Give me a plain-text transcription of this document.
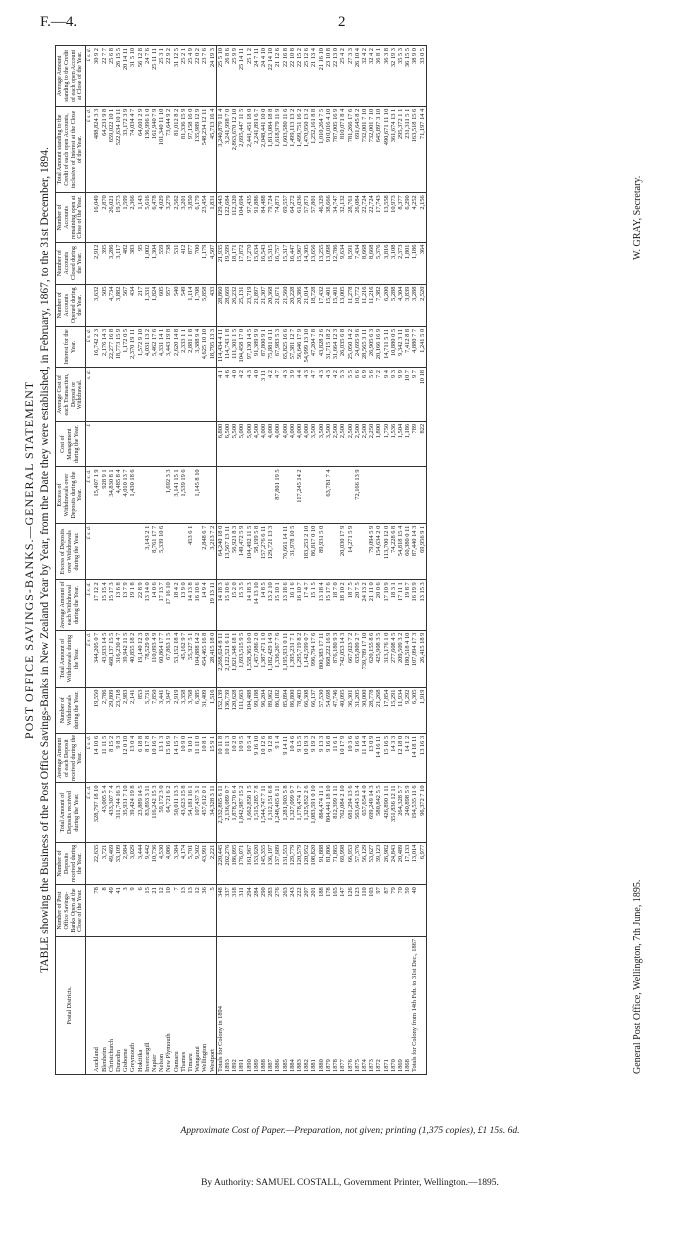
F.—4.	2
POST OFFICE SAVINGS-BANKS.—GENERAL STATEMENT TABLE showing the Business of the Post Office Savings-Banks in New Zealand Year by Year, from the Date they were established, in February, 1867, to the 31st December, 1894.
Postal Districts.	Number of Post Office Savings-Banks Open at the Close of the Year.	Number of Deposits received during the Year.	Total Amount of Deposits received during the Year.	Average Amount of each Deposit received during the Year.	Number of Withdrawals during the Year.	Total Amount of Withdrawals during the Year.	Average Amount of each Withdrawal during the Year.	Excess of Deposits over Withdrawals during the Year.	Excess of Withdrawals over Deposits during the Year.	Cost of Management during the Year.	Average Cost of each Transaction, Deposit or Withdrawal.	Interest for the Year.	Number of Accounts Opened during the Year.	Number of Accounts Closed during the Year.	Number of Accounts remaining open at Close of the Year.	Total Amount standing to the Credit of each open Accounts, inclusive of Interest at the Close of the Year.	Average Amount standing to the Credit of each open Account at Close of the Year.
			£ s. d.	£ s. d.		£ s. d.	£ s. d.	£ s. d.	£ s. d.	£	s. d.	£ s. d.				£ s. d.	£ s. d.
Auckland	78	22,635	328,797 18 10	14 10 6	19,550	344,205 0 7	17 12 2		15,407 1 9			16,742 2 3	3,632	2,912	16,049	488,824 3 3	30 9 2
Blenheim	8	3,721	43,005 5 4	11 11 5	2,786	43,933 14 5	15 15 4		928 9 1			2,176 14 3	505	395	2,870	64,231 9 8	22 7 7
Christchurch	49	49,469	433,307 7 4	8 15 2	29,809	468,137 15 5	15 17 3		34,830 8 1			22,277 16 8	4,734	3,286	26,021	659,022 10 1	25 6 8
Dunedin	41	33,109	311,744 16 3	9 8 3	23,718	316,230 4 7	13 6 8		4,485 8 4			18,773 15 9	3,882	3,117	19,573	522,634 10 11	26 15 5
Gisborne	3	2,984	35,931 7 10	12 0 10	2,983	39,942 11 5	13 7 9		4,010 13 7			1,172 0 5	567	482	1,599	33,172 3 9	20 14 11
Greymouth	9	3,029	39,424 19 8	13 0 4	2,141	40,855 18 2	19 1 8		1,430 18 6			2,370 19 11	434	383	2,366	74,034 4 7	31 5 10
Hokitika	6	3,444	23,889 14 5	6 18 8	853	19,140 12 3	22 8 9					1,572 9 10	217	95	1,143	64,601 2 9	56 12 8
Invercargill	15	9,442	83,893 3 11	8 17 8	5,731	78,529 0 9	13 14 0	3,143 2 1				4,031 13 2	1,331	1,002	5,616	136,996 1 0	24 7 6
Napier	21	10,736	116,242 15 3	10 16 7	7,850	110,093 4 9	14 0 6	8,761 17 7				5,462 17 6	1,824	1,304	6,478	161,940 7 9	25 11 11
Nelson	12	4,530	59,172 3 0	13 1 3	3,441	60,864 17 7	17 13 7	5,339 10 6				4,331 14 1	605	559	4,029	101,340 11 10	25 3 1
New Plymouth	10	4,086	64,721 6 2	15 16 9	3,947	67,863 1 5	17 16 10		1,692 3 3			3,443 19 8	957	738	3,279	73,644 9 2	22 9 2
Oamaru	7	3,384	50,011 13 3	14 15 7	2,919	53,152 18 4	18 4 2		3,141 15 1			2,620 14 8	540	531	2,562	81,012 8 2	31 12 5
Thames	13	4,174	43,623 15 8	10 9 0	3,358	45,162 9 7	13 9 0		1,539 19 6			2,333 1 1	549	412	3,201	81,336 15 9	25 2 1
Timaru	13	5,701	54,181 16 1	9 10 1	3,768	55,327 5 1	14 13 8	453 6 1				2,881 1 8	1,114	877	3,850	97,158 16 0	25 4 9
Wanganui	12	9,302	107,437 3 1	11 11 0	6,385	104,888 14 2	16 10 6		1,145 8 10			3,388 9 4	1,708	700	6,179	135,989 12 9	22 0 2
Wellington	36	43,991	457,612 0 1	10 8 1	31,409	454,465 16 8	14 9 4	2,848 6 7				4,625 10 10	5,858	1,179	23,454	548,234 12 11	23 7 6
Westport	5	2,221	34,328 3 11	15 9 1	1,516	28,415 18 0	19 13 11	3,213 7 2				18,795 13 3	433	4,507	1,831	45,713 16 4	24 19 3
Totals for Colony in 1894	348	220,445	2,332,865 6 11	10 11 8	152,139	2,268,624 8 11	14 18 3	64,240 18 0		6,800	4 1	114,434 4 11	28,860	21,935	129,443	3,240,879 11 4	25 5 10
1893	337	202,276	2,136,089 0 7	10 11 3	136,739	2,122,521 6 11	15 10 6	13,567 13 11		6,500	4 6	114,743 1 8	28,669	19,599	122,684	3,241,998 7 0	26 8 6
1892	318	186,095	1,878,270 6 4	10 2 0	120,628	1,821,348 18 1	15 2 0	56,921 8 3		5,500	4 0	111,301 1 5	26,232	18,171	112,320	2,863,670 12 10	25 9 9
1891	311	176,071	1,842,987 15 2	10 9 5	111,663	1,693,515 9 5	15 3 5	149,472 5 9		5,000	4 2	104,458 17 0	25,131	17,872	104,694	2,695,447 11 5	25 14 11
1890	294	161,967	1,662,858 1 5	10 5 4	104,488	1,558,365 10 0	14 18 3	104,492 11 5		5,000	4 3	97,130 14 5	23,719	17,270	97,435	2,441,451 18 0	25 1 2
1889	284	153,920	1,515,285 7 8	9 16 10	99,188	1,457,086 2 0	14 13 10	58,199 5 8		4,500	4 0	91,389 9 9	21,897	15,634	91,886	2,241,891 6 7	24 7 11
1888	290	145,355	1,544,747 7 11	10 12 6	96,204	1,387,471 1 0	14 8 5	157,276 6 11		4,000	3 11	87,800 9 1	21,307	16,543	84,488	2,048,441 10 0	24 4 10
1887	283	136,197	1,312,151 6 8	9 12 8	89,962	1,182,429 14 9	13 2 10	129,721 13 3		4,000	4 2	75,881 0 11	20,368	15,315	79,724	1,813,084 18 8	22 14 10
1886	276	137,689	1,248,465 6 11	9 1 4	86,182	1,336,267 7 6	15 10 1		87,801 19 5	4,000	4 7	67,983 5 3	21,671	16,757	74,871	1,618,979 11 9	21 12 6
1885	263	131,553	1,281,903 5 8	9 14 11	85,894	1,195,931 0 11	13 18 6	76,661 14 11		4,000	4 3	65,825 16 6	21,560	15,317	69,557	1,603,580 11 6	22 16 8
1884	243	129,779	1,327,099 9 7	10 4 6	86,800	1,395,231 7 1	16 1 6	31,978 10 5		4,000	3 9	57,381 12 7	20,228	16,447	64,272	1,499,113 13 2	22 10 8
1883	222	120,579	1,178,474 1 7	9 15 5	78,403	1,295,719 8 2	16 10 7		117,245 14 2	4,000	4 4	56,646 17 9	20,386	15,967	61,036	1,499,751 16 2	22 15 2
1882	207	120,952	1,325,852 2 6	10 19 3	66,308	1,142,599 0 7	17 4 7	183,253 2 10		4,000	4 3	54,999 13 10	21,014	14,305	57,871	1,470,950 13 2	25 12 6
1881	201	108,820	1,083,591 0 10	9 19 2	66,137	996,794 17 6	15 1 5	86,817 0 10		3,500	4 7	47,204 7 8	18,728	13,656	57,801	1,252,161 8 8	21 13 4
1880	188	91,888	884,474 11 1	9 13 3	57,530	800,383 17 11	13 18 4	89,931 5 0		3,500	4 3	43,828 2 6	17,432	13,255	46,329	1,010,264 7 5	21 16 10
1879	178	81,806	804,441 18 10	9 16 8	54,698	868,222 16 9	15 17 6		63,781 7 4	3,500	4 3	31,715 18 2	15,401	13,098	38,666	910,016 4 10	23 10 8
1878	165	71,865	812,399 1 11	11 6 1	47,746	876,180 9 3	18 7 0			2,500	4 2	31,664 12 3	15,401	12,786	34,747	787,005 16 9	22 13 0
1877	147	69,998	762,084 2 10	10 17 9	40,095	742,053 14 3	18 10 2	20,030 17 9		2,500	5 3	26,035 6 8	13,005	9,634	32,132	810,071 8 4	25 4 2
1876	126	66,953	681,294 13 6	10 3 6	36,301	667,023 7 2	18 7 5	14,271 5 9		2,500	5 5	25,050 14 2	11,278	8,591	28,761	781,266 17 6	27 3 3
1875	123	57,376	563,643 13 4	9 16 6	31,205	635,809 2 7	20 7 5		72,166 13 9	2,500	6 6	24,695 9 6	10,772	7,434	26,084	691,645 8 2	26 10 4
1874	110	56,129	657,654 4 0	11 14 4	30,000	739,789 17 10	24 13 2			2,500	6 9	28,565 3 11	11,216	8,668	22,724	732,001 7 10	32 4 2
1873	103	53,627	699,249 14 3	13 0 9	28,778	620,155 8 6	21 11 0	79,094 5 9		2,250	5 6	26,905 6 3	11,216	8,668	22,724	732,001 7 10	32 4 2
1872	97	39,123	580,842 5 5	14 16 11	21,268	425,908 3 5	20 0 6	154,634 2 0		1,800	7 2	20,166 16 9	7,382	5,376	17,743	645,897 3 10	36 8 1
1871	87	26,982	426,890 1 11	15 16 5	17,854	313,176 1 0	17 10 9	113,700 12 0		1,750	9 4	14,711 5 11	6,200	3,816	13,558	490,671 11 10	36 3 8
1870	79	24,843	351,836 12 11	14 3 3	15,291	277,608 4 5	18 3 1	74,228 6 8		1,536	9 3	10,880 0 5	5,288	3,108	10,973	361,674 13 1	32 19 3
1869	70	20,489	264,328 5 7	12 18 0	11,934	209,509 3 2	17 11 1	54,818 15 4		1,504	9 9	9,342 3 11	4,304	2,373	8,377	295,372 1 1	35 5 3
1868	59	17,133	240,898 5 9	14 1 2	9,292	180,518 4 10	19 8 7	60,380 0 11		1,186	10 7	7,412 8 8	3,839	1,801	6,290	231,311 5 1	36 15 5
Totals for Colony from 14th Feb. to 31st Dec., 1867	40	13,014	194,535 11 6	14 18 11	6,305	107,094 17 3	16 19 9	87,440 14 3		789	9 7	4,880 7 7	3,288	1,186	4,252	163,518 15 6	38 9 0
		6,977	96,372 7 10	13 16 3	1,919	26,415 18 9	13 15 3	69,956 9 1		822	10 18	1,241 5 0	2,520	364	2,156	71,197 14 4	33 0 5
General Post Office, Wellington, 7th June, 1895.
W. GRAY, Secretary.
Approximate Cost of Paper.—Preparation, not given; printing (1,375 copies), £1 15s. 6d.
By Authority: SAMUEL COSTALL, Government Printer, Wellington.—1895.
